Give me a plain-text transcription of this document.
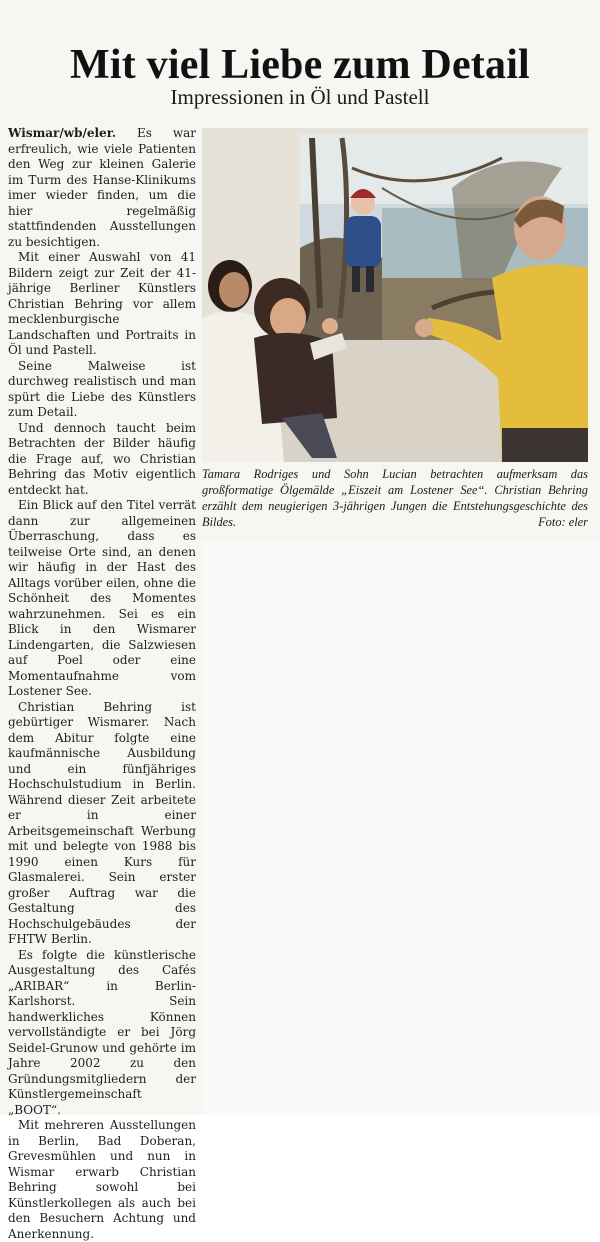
Mit viel Liebe zum Detail
Impressionen in Öl und Pastell

Wismar/wb/eler. Es war erfreulich, wie viele Patienten den Weg zur kleinen Galerie im Turm des Hanse-Klinikums imer wieder finden, um die hier regelmäßig stattfindenden Ausstellungen zu besichtigen.

Mit einer Auswahl von 41 Bildern zeigt zur Zeit der 41-jährige Berliner Künstlers Christian Behring vor allem mecklenburgische Landschaften und Portraits in Öl und Pastell.

Seine Malweise ist durchweg realistisch und man spürt die Liebe des Künstlers zum Detail.

Und dennoch taucht beim Betrachten der Bilder häufig die Frage auf, wo Christian Behring das Motiv eigentlich entdeckt hat.

Ein Blick auf den Titel verrät dann zur allgemeinen Überraschung, dass es teilweise Orte sind, an denen wir häufig in der Hast des Alltags vorüber eilen, ohne die Schönheit des Momentes wahrzunehmen. Sei es ein Blick in den Wismarer Lindengarten, die Salzwiesen auf Poel oder eine Momentaufnahme vom Lostener See.

Christian Behring ist gebürtiger Wismarer. Nach dem Abitur folgte eine kaufmännische Ausbildung und ein fünfjähriges Hochschulstudium in Berlin. Während dieser Zeit arbeitete er in einer Arbeitsgemeinschaft Werbung mit und belegte von 1988 bis 1990 einen Kurs für Glasmalerei. Sein erster großer Auftrag war die Gestaltung des Hochschulgebäudes der FHTW Berlin.

Es folgte die künstlerische Ausgestaltung des Cafés „ARIBAR“ in Berlin-Karlshorst. Sein handwerkliches Können vervollständigte er bei Jörg Seidel-Grunow und gehörte im Jahre 2002 zu den Gründungsmitgliedern der Künstlergemeinschaft „BOOT“.

Mit mehreren Ausstellungen in Berlin, Bad Doberan, Grevesmühlen und nun in Wismar erwarb Christian Behring sowohl bei Künstlerkollegen als auch bei den Besuchern Achtung und Anerkennung.

Tamara Rodriges und Sohn Lucian betrachten aufmerksam das großformatige Ölgemälde „Eiszeit am Lostener See“. Christian Behring erzählt dem neugierigen 3-jährigen Jungen die Entstehungsgeschichte des Bildes.	Foto: eler
